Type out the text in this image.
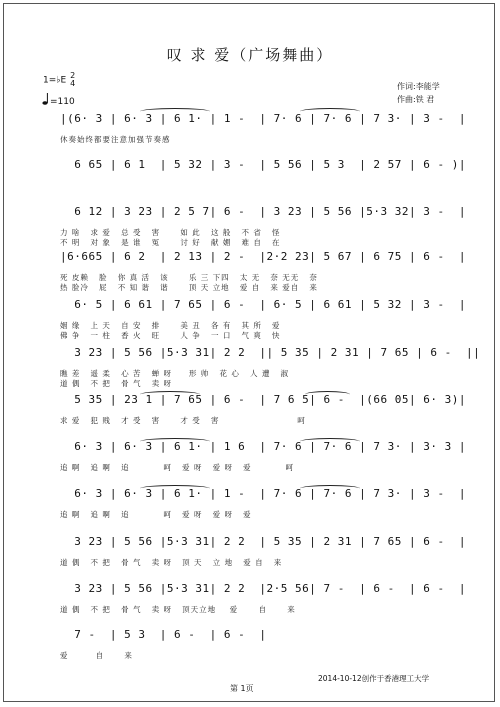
叹 求 爱（广场舞曲）
1=♭E 2
4
=110
作词:李能学
作曲:铁 君
|(6· 3 | 6· 3 | 6 1· | 1 -  | 7· 6 | 7· 6 | 7 3· | 3 -  |
休奏始终都要注意加强节奏感
6 65 | 6 1  | 5 32 | 3 -  | 5 56 | 5 3  | 2 57 | 6 - )|
6 12 | 3 23 | 2 5 7| 6 -  | 3 23 | 5 56 |5·3 32| 3 -  |
力 啥   求 爱   总 受   害      如 此   这 般   不 省   怪
不 明   对 象   是 谁   冤      讨 好   献 媚   难 自   在
|6·665 | 6 2  | 2 13 | 2 -  |2·2 23| 5 67 | 6 75 | 6 -  |
死 皮赖   脸   你 真 活   该      乐 三 下四   太 无   奈 无无   奈
热 脸冷   屁   不 知 谐   谐      顶 天 立地   爱 自   来 爱自   来
6· 5 | 6 61 | 7 65 | 6 -  | 6· 5 | 6 61 | 5 32 | 3 -  |
姻 缘   上 天   自 安   排      美 丑   各 有   其 所   爱
佛 争   一 柱   香 火   旺      人 争   一 口   气 爽   快
3 23 | 5 56 |5·3 31| 2 2  || 5 35 | 2 31 | 7 65 | 6 -  ||
瞧 差   遥 柔   心 苦   蝉 呀     形 帅   花 心   人 遭   淑
道 偶   不 把   骨 气   卖 呀
5 35 | 23 1 | 7 65 | 6 -  | 7 6 5| 6 -  |(66 05| 6· 3)|
求 爱   犯 贱   才 受   害      才 受   害                       呵
6· 3 | 6· 3 | 6 1· | 1 6  | 7· 6 | 7· 6 | 7 3· | 3· 3 |
追 啊   追 啊   追          呵   爱 呀   爱 呀   爱          呵
6· 3 | 6· 3 | 6 1· | 1 -  | 7· 6 | 7· 6 | 7 3· | 3 -  |
追 啊   追 啊   追          呵   爱 呀   爱 呀   爱
3 23 | 5 56 |5·3 31| 2 2  | 5 35 | 2 31 | 7 65 | 6 -  |
道 偶   不 把   骨 气   卖 呀   顶 天   立 地   爱 自   来
3 23 | 5 56 |5·3 31| 2 2  |2·5 56| 7 -  | 6 -  | 6 -  |
道 偶   不 把   骨 气   卖 呀   顶天立地    爱      自      来
7 -  | 5 3  | 6 -  | 6 -  |
爱        自      来
2014-10-12创作于香港理工大学
第 1页
